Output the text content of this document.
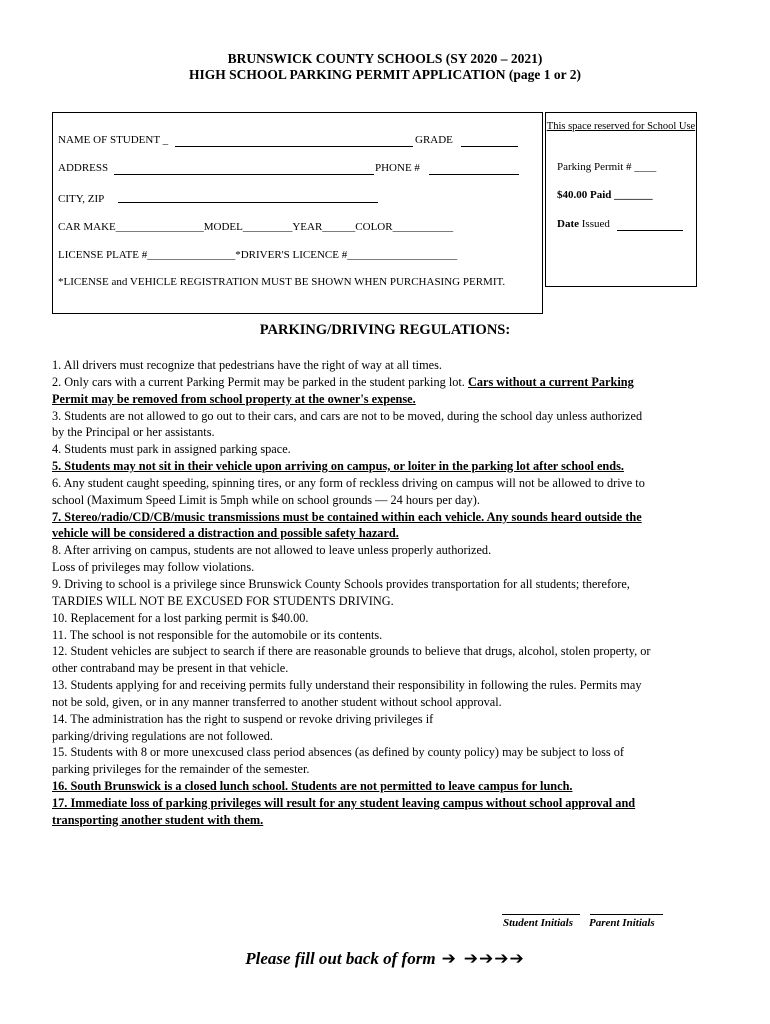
BRUNSWICK COUNTY SCHOOLS (SY 2020 – 2021)
HIGH SCHOOL PARKING PERMIT APPLICATION (page 1 or 2)
NAME OF STUDENT _	GRADE
ADDRESS	PHONE #
CITY, ZIP
CAR MAKE________________MODEL_________YEAR______COLOR___________
LICENSE PLATE #________________*DRIVER'S LICENCE #____________________
*LICENSE and VEHICLE REGISTRATION MUST BE SHOWN WHEN PURCHASING PERMIT.
This space reserved for School Use
Parking Permit # ____
$40.00 Paid _______
Date Issued
PARKING/DRIVING REGULATIONS:
1. All drivers must recognize that pedestrians have the right of way at all times.
2. Only cars with a current Parking Permit may be parked in the student parking lot. Cars without a current Parking Permit may be removed from school property at the owner's expense.
3. Students are not allowed to go out to their cars, and cars are not to be moved, during the school day unless authorized by the Principal or her assistants.
4. Students must park in assigned parking space.
5. Students may not sit in their vehicle upon arriving on campus, or loiter in the parking lot after school ends.
6. Any student caught speeding, spinning tires, or any form of reckless driving on campus will not be allowed to drive to school (Maximum Speed Limit is 5mph while on school grounds — 24 hours per day).
7. Stereo/radio/CD/CB/music transmissions must be contained within each vehicle. Any sounds heard outside the vehicle will be considered a distraction and possible safety hazard.
8. After arriving on campus, students are not allowed to leave unless properly authorized.
Loss of privileges may follow violations.
9. Driving to school is a privilege since Brunswick County Schools provides transportation for all students; therefore, TARDIES WILL NOT BE EXCUSED FOR STUDENTS DRIVING.
10. Replacement for a lost parking permit is $40.00.
11. The school is not responsible for the automobile or its contents.
12. Student vehicles are subject to search if there are reasonable grounds to believe that drugs, alcohol, stolen property, or other contraband may be present in that vehicle.
13. Students applying for and receiving permits fully understand their responsibility in following the rules. Permits may not be sold, given, or in any manner transferred to another student without school approval.
14. The administration has the right to suspend or revoke driving privileges if
parking/driving regulations are not followed.
15. Students with 8 or more unexcused class period absences (as defined by county policy) may be subject to loss of parking privileges for the remainder of the semester.
16. South Brunswick is a closed lunch school. Students are not permitted to leave campus for lunch.
17. Immediate loss of parking privileges will result for any student leaving campus without school approval and transporting another student with them.
Student Initials Parent Initials
Please fill out back of form ➔ ➔➔➔➔
